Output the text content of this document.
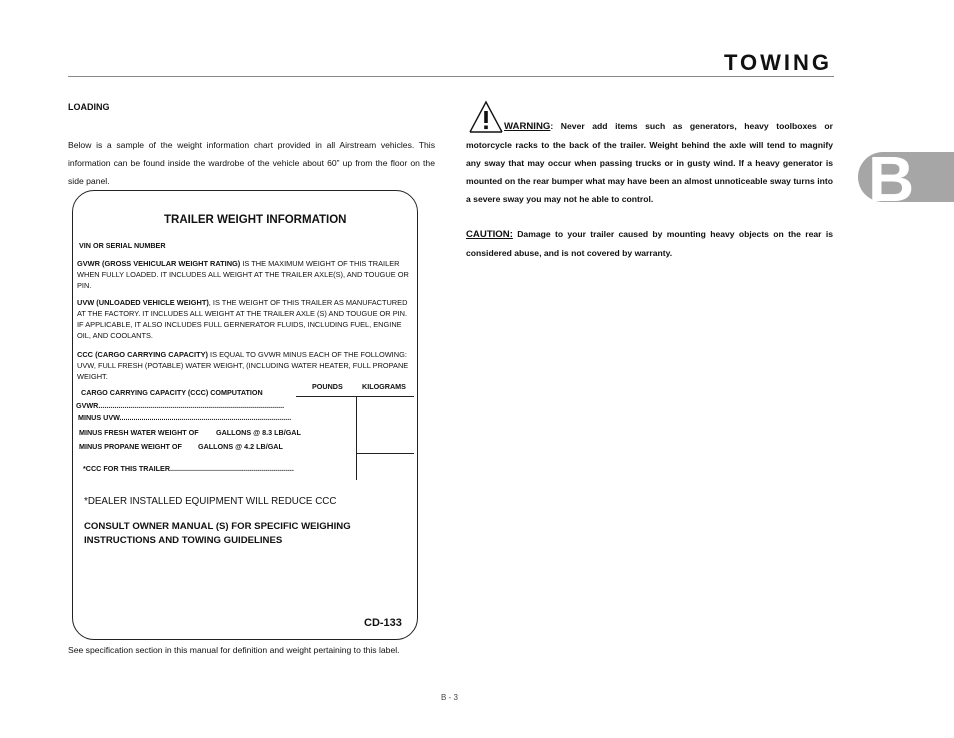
TOWING
B
LOADING
Below is a sample of the weight information chart provided in all Airstream vehicles. This information can be found inside the wardrobe of the vehicle about 60” up from the floor on the side panel.
TRAILER WEIGHT INFORMATION
VIN OR SERIAL NUMBER
GVWR (GROSS VEHICULAR WEIGHT RATING) IS THE MAXIMUM WEIGHT OF THIS TRAILER WHEN FULLY LOADED. IT INCLUDES ALL WEIGHT AT THE TRAILER AXLE(S), AND TOUGUE OR PIN.
UVW (UNLOADED VEHICLE WEIGHT), IS THE WEIGHT OF THIS TRAILER AS MANUFACTURED AT THE FACTORY. IT INCLUDES ALL WEIGHT AT THE TRAILER AXLE (S) AND TOUGUE OR PIN. IF APPLICABLE, IT ALSO INCLUDES FULL GERNERATOR FLUIDS, INCLUDING FUEL, ENGINE OIL, AND COOLANTS.
CCC (CARGO CARRYING CAPACITY) IS EQUAL TO GVWR MINUS EACH OF THE FOLLOWING: UVW, FULL FRESH (POTABLE) WATER WEIGHT, (INCLUDING WATER HEATER, FULL PROPANE WEIGHT.
POUNDS	KILOGRAMS
CARGO CARRYING CAPACITY (CCC) COMPUTATION
GVWR.............................................................................................
MINUS UVW......................................................................................
MINUS FRESH WATER WEIGHT OF GALLONS @ 8.3 LB/GAL
MINUS PROPANE WEIGHT OF GALLONS @ 4.2 LB/GAL
*CCC FOR THIS TRAILER..............................................................
*DEALER INSTALLED EQUIPMENT WILL REDUCE CCC
CONSULT OWNER MANUAL (S) FOR SPECIFIC WEIGHING INSTRUCTIONS AND TOWING GUIDELINES
CD-133
See specification section in this manual for definition and weight pertaining to this label.
WARNING: Never add items such as generators, heavy toolboxes or motorcycle racks to the back of the trailer. Weight behind the axle will tend to magnify any sway that may occur when passing trucks or in gusty wind. If a heavy generator is mounted on the rear bumper what may have been an almost unnoticeable sway turns into a severe sway you may not he able to control.
CAUTION: Damage to your trailer caused by mounting heavy objects on the rear is considered abuse, and is not covered by warranty.
B - 3
